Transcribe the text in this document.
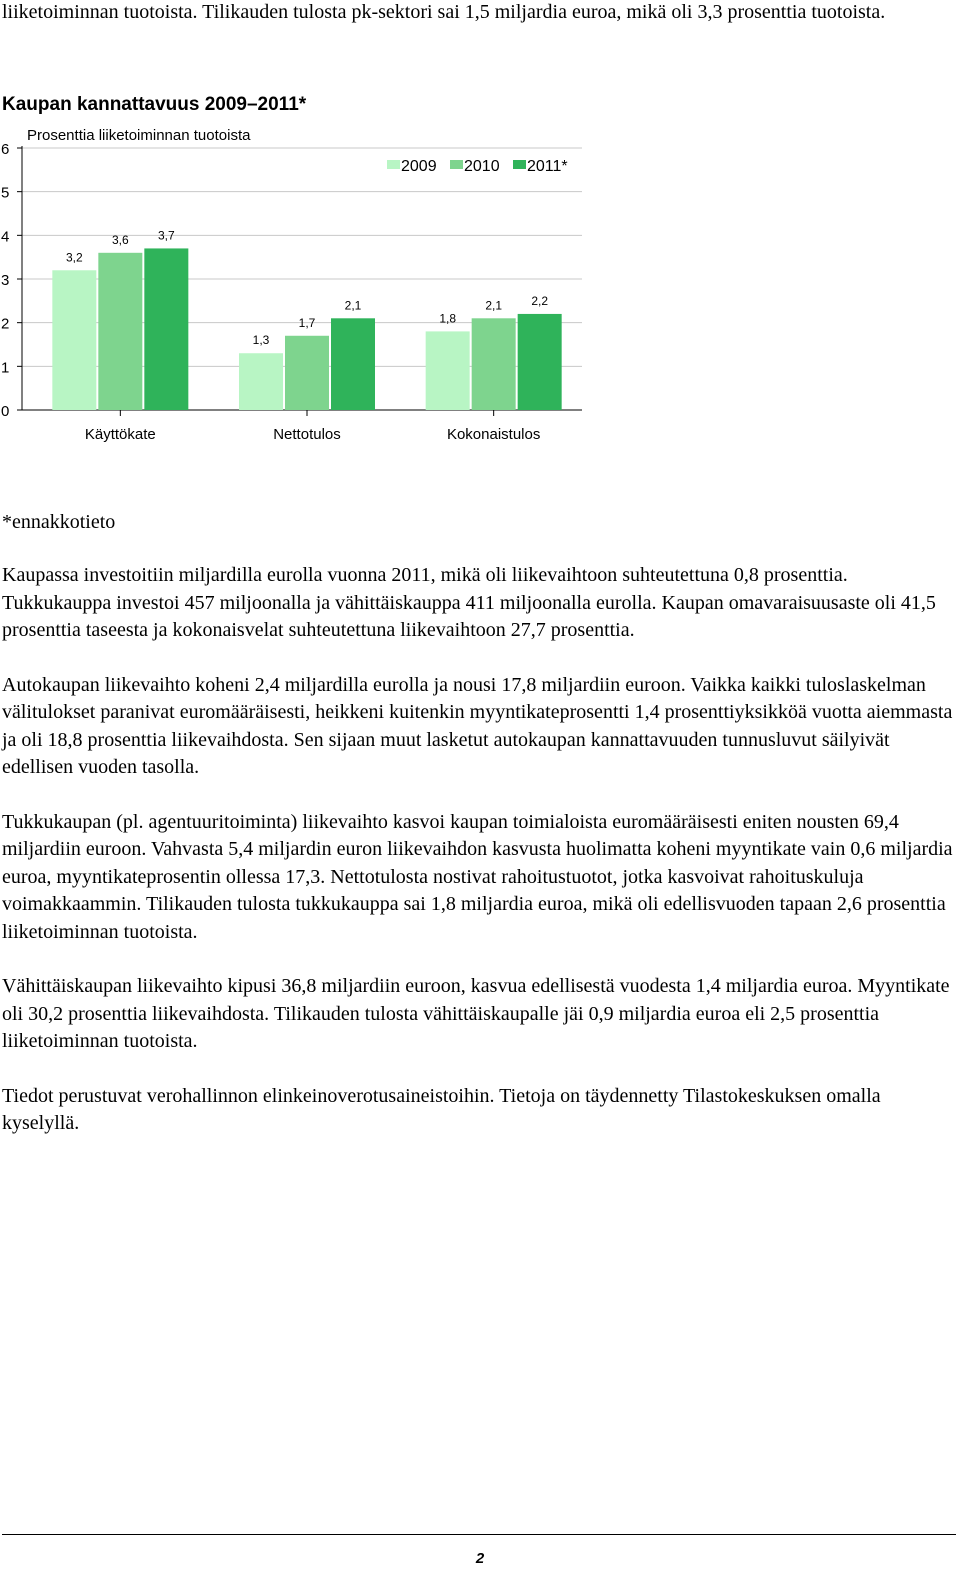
liiketoiminnan tuotoista. Tilikauden tulosta pk-sektori sai 1,5 miljardia euroa, mikä oli 3,3 prosenttia tuotoista.

Kaupan kannattavuus 2009–2011*
Prosenttia liiketoiminnan tuotoista
0
1
2
3
4
5
6
3,2
3,6 3,7
Käyttökate
1,3
1,7
2,1
Nettotulos
1,8
2,1 2,2
Kokonaistulos
2009 2010 2011*

*ennakkotieto

Kaupassa investoitiin miljardilla eurolla vuonna 2011, mikä oli liikevaihtoon suhteutettuna 0,8 prosenttia. Tukkukauppa investoi 457 miljoonalla ja vähittäiskauppa 411 miljoonalla eurolla. Kaupan omavaraisuusaste oli 41,5 prosenttia taseesta ja kokonaisvelat suhteutettuna liikevaihtoon 27,7 prosenttia.

Autokaupan liikevaihto koheni 2,4 miljardilla eurolla ja nousi 17,8 miljardiin euroon. Vaikka kaikki tuloslaskelman välitulokset paranivat euromääräisesti, heikkeni kuitenkin myyntikateprosentti 1,4 prosenttiyksikköä vuotta aiemmasta ja oli 18,8 prosenttia liikevaihdosta. Sen sijaan muut lasketut autokaupan kannattavuuden tunnusluvut säilyivät edellisen vuoden tasolla.

Tukkukaupan (pl. agentuuritoiminta) liikevaihto kasvoi kaupan toimialoista euromääräisesti eniten nousten 69,4 miljardiin euroon. Vahvasta 5,4 miljardin euron liikevaihdon kasvusta huolimatta koheni myyntikate vain 0,6 miljardia euroa, myyntikateprosentin ollessa 17,3. Nettotulosta nostivat rahoitustuotot, jotka kasvoivat rahoituskuluja voimakkaammin. Tilikauden tulosta tukkukauppa sai 1,8 miljardia euroa, mikä oli edellisvuoden tapaan 2,6 prosenttia liiketoiminnan tuotoista.

Vähittäiskaupan liikevaihto kipusi 36,8 miljardiin euroon, kasvua edellisestä vuodesta 1,4 miljardia euroa. Myyntikate oli 30,2 prosenttia liikevaihdosta. Tilikauden tulosta vähittäiskaupalle jäi 0,9 miljardia euroa eli 2,5 prosenttia liiketoiminnan tuotoista.

Tiedot perustuvat verohallinnon elinkeinoverotusaineistoihin. Tietoja on täydennetty Tilastokeskuksen omalla kyselyllä.

2
